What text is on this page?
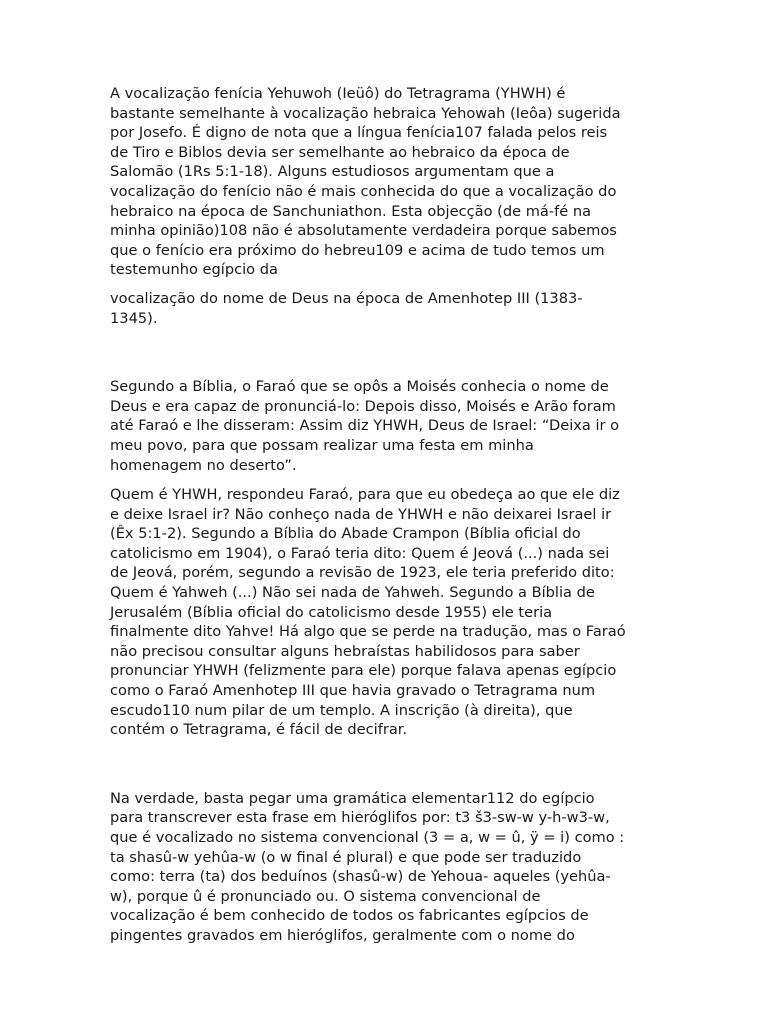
A vocalização fenícia Yehuwoh (Ieüô) do Tetragrama (YHWH) é
bastante semelhante à vocalização hebraica Yehowah (Ieôa) sugerida
por Josefo. É digno de nota que a língua fenícia107 falada pelos reis
de Tiro e Biblos devia ser semelhante ao hebraico da época de
Salomão (1Rs 5:1-18). Alguns estudiosos argumentam que a
vocalização do fenício não é mais conhecida do que a vocalização do
hebraico na época de Sanchuniathon. Esta objecção (de má-fé na
minha opinião)108 não é absolutamente verdadeira porque sabemos
que o fenício era próximo do hebreu109 e acima de tudo temos um
testemunho egípcio da
vocalização do nome de Deus na época de Amenhotep III (1383-
1345).
Segundo a Bíblia, o Faraó que se opôs a Moisés conhecia o nome de
Deus e era capaz de pronunciá-lo: Depois disso, Moisés e Arão foram
até Faraó e lhe disseram: Assim diz YHWH, Deus de Israel: “Deixa ir o
meu povo, para que possam realizar uma festa em minha
homenagem no deserto”.
Quem é YHWH, respondeu Faraó, para que eu obedeça ao que ele diz
e deixe Israel ir? Não conheço nada de YHWH e não deixarei Israel ir
(Êx 5:1-2). Segundo a Bíblia do Abade Crampon (Bíblia oficial do
catolicismo em 1904), o Faraó teria dito: Quem é Jeová (...) nada sei
de Jeová, porém, segundo a revisão de 1923, ele teria preferido dito:
Quem é Yahweh (...) Não sei nada de Yahweh. Segundo a Bíblia de
Jerusalém (Bíblia oficial do catolicismo desde 1955) ele teria
finalmente dito Yahve! Há algo que se perde na tradução, mas o Faraó
não precisou consultar alguns hebraístas habilidosos para saber
pronunciar YHWH (felizmente para ele) porque falava apenas egípcio
como o Faraó Amenhotep III que havia gravado o Tetragrama num
escudo110 num pilar de um templo. A inscrição (à direita), que
contém o Tetragrama, é fácil de decifrar.
Na verdade, basta pegar uma gramática elementar112 do egípcio
para transcrever esta frase em hieróglifos por: t3 š3-sw-w y-h-w3-w,
que é vocalizado no sistema convencional (3 = a, w = û, ÿ = i) como :
ta shasû-w yehûa-w (o w final é plural) e que pode ser traduzido
como: terra (ta) dos beduínos (shasû-w) de Yehoua- aqueles (yehûa-
w), porque û é pronunciado ou. O sistema convencional de
vocalização é bem conhecido de todos os fabricantes egípcios de
pingentes gravados em hieróglifos, geralmente com o nome do
